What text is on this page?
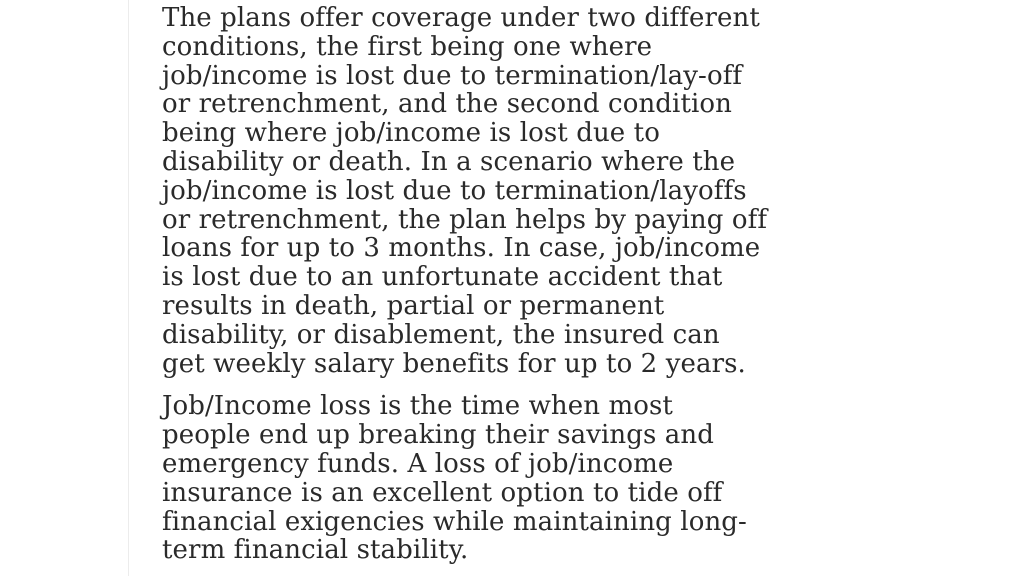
The plans offer coverage under two different
conditions, the first being one where
job/income is lost due to termination/lay-off
or retrenchment, and the second condition
being where job/income is lost due to
disability or death. In a scenario where the
job/income is lost due to termination/layoffs
or retrenchment, the plan helps by paying off
loans for up to 3 months. In case, job/income
is lost due to an unfortunate accident that
results in death, partial or permanent
disability, or disablement, the insured can
get weekly salary benefits for up to 2 years.

Job/Income loss is the time when most
people end up breaking their savings and
emergency funds. A loss of job/income
insurance is an excellent option to tide off
financial exigencies while maintaining long-
term financial stability.
